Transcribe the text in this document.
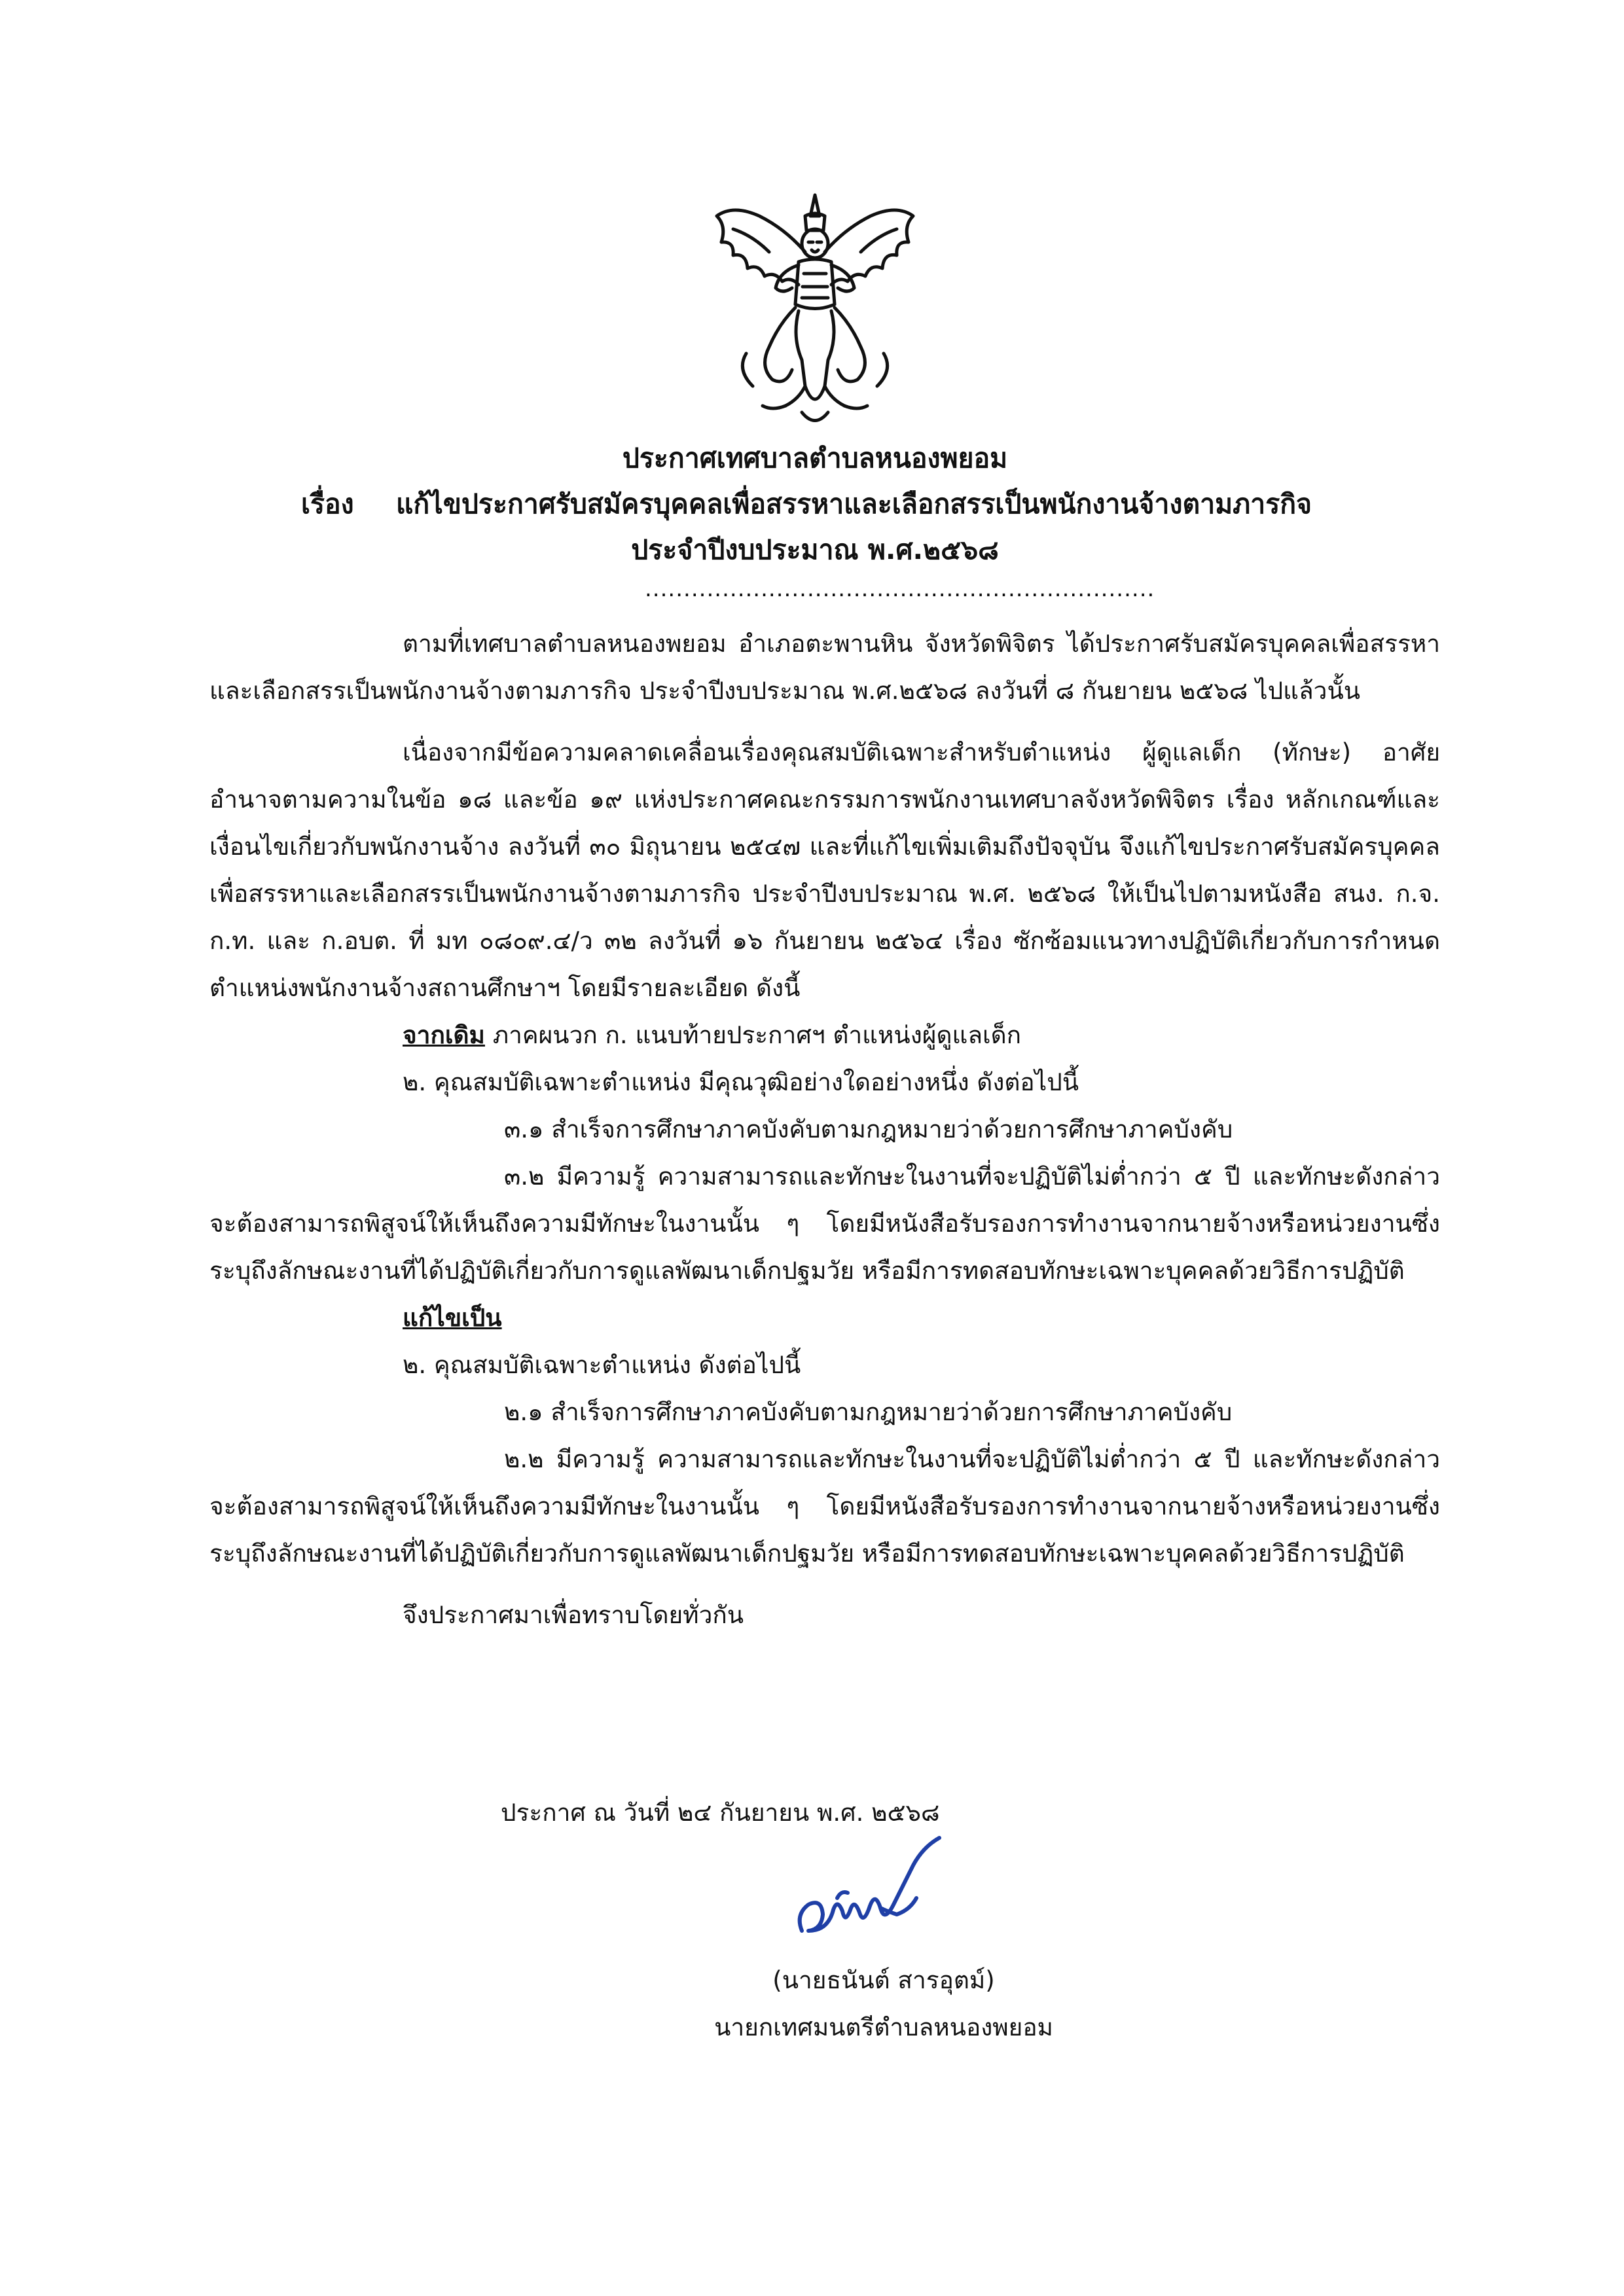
ประกาศเทศบาลตำบลหนองพยอม
เรื่อง แก้ไขประกาศรับสมัครบุคคลเพื่อสรรหาและเลือกสรรเป็นพนักงานจ้างตามภารกิจ
ประจำปีงบประมาณ พ.ศ.๒๕๖๘
..................................................................

ตามที่เทศบาลตำบลหนองพยอม อำเภอตะพานหิน จังหวัดพิจิตร ได้ประกาศรับสมัครบุคคลเพื่อสรรหาและเลือกสรรเป็นพนักงานจ้างตามภารกิจ ประจำปีงบประมาณ พ.ศ.๒๕๖๘ ลงวันที่ ๘ กันยายน ๒๕๖๘ ไปแล้วนั้น

เนื่องจากมีข้อความคลาดเคลื่อนเรื่องคุณสมบัติเฉพาะสำหรับตำแหน่ง ผู้ดูแลเด็ก (ทักษะ) อาศัยอำนาจตามความในข้อ ๑๘ และข้อ ๑๙ แห่งประกาศคณะกรรมการพนักงานเทศบาลจังหวัดพิจิตร เรื่อง หลักเกณฑ์และเงื่อนไขเกี่ยวกับพนักงานจ้าง ลงวันที่ ๓๐ มิถุนายน ๒๕๔๗ และที่แก้ไขเพิ่มเติมถึงปัจจุบัน จึงแก้ไขประกาศรับสมัครบุคคลเพื่อสรรหาและเลือกสรรเป็นพนักงานจ้างตามภารกิจ ประจำปีงบประมาณ พ.ศ. ๒๕๖๘ ให้เป็นไปตามหนังสือ สนง. ก.จ. ก.ท. และ ก.อบต. ที่ มท ๐๘๐๙.๔/ว ๓๒ ลงวันที่ ๑๖ กันยายน ๒๕๖๔ เรื่อง ซักซ้อมแนวทางปฏิบัติเกี่ยวกับการกำหนดตำแหน่งพนักงานจ้างสถานศึกษาฯ โดยมีรายละเอียด ดังนี้

จากเดิม ภาคผนวก ก. แนบท้ายประกาศฯ ตำแหน่งผู้ดูแลเด็ก
๒. คุณสมบัติเฉพาะตำแหน่ง มีคุณวุฒิอย่างใดอย่างหนึ่ง ดังต่อไปนี้
๓.๑ สำเร็จการศึกษาภาคบังคับตามกฎหมายว่าด้วยการศึกษาภาคบังคับ

๓.๒ มีความรู้ ความสามารถและทักษะในงานที่จะปฏิบัติไม่ต่ำกว่า ๕ ปี และทักษะดังกล่าวจะต้องสามารถพิสูจน์ให้เห็นถึงความมีทักษะในงานนั้น ๆ โดยมีหนังสือรับรองการทำงานจากนายจ้างหรือหน่วยงานซึ่งระบุถึงลักษณะงานที่ได้ปฏิบัติเกี่ยวกับการดูแลพัฒนาเด็กปฐมวัย หรือมีการทดสอบทักษะเฉพาะบุคคลด้วยวิธีการปฏิบัติ

แก้ไขเป็น
๒. คุณสมบัติเฉพาะตำแหน่ง ดังต่อไปนี้
๒.๑ สำเร็จการศึกษาภาคบังคับตามกฎหมายว่าด้วยการศึกษาภาคบังคับ

๒.๒ มีความรู้ ความสามารถและทักษะในงานที่จะปฏิบัติไม่ต่ำกว่า ๕ ปี และทักษะดังกล่าวจะต้องสามารถพิสูจน์ให้เห็นถึงความมีทักษะในงานนั้น ๆ โดยมีหนังสือรับรองการทำงานจากนายจ้างหรือหน่วยงานซึ่งระบุถึงลักษณะงานที่ได้ปฏิบัติเกี่ยวกับการดูแลพัฒนาเด็กปฐมวัย หรือมีการทดสอบทักษะเฉพาะบุคคลด้วยวิธีการปฏิบัติ

จึงประกาศมาเพื่อทราบโดยทั่วกัน
ประกาศ ณ วันที่ ๒๔ กันยายน พ.ศ. ๒๕๖๘
(นายธนันต์ สารอุตม์)
นายกเทศมนตรีตำบลหนองพยอม
